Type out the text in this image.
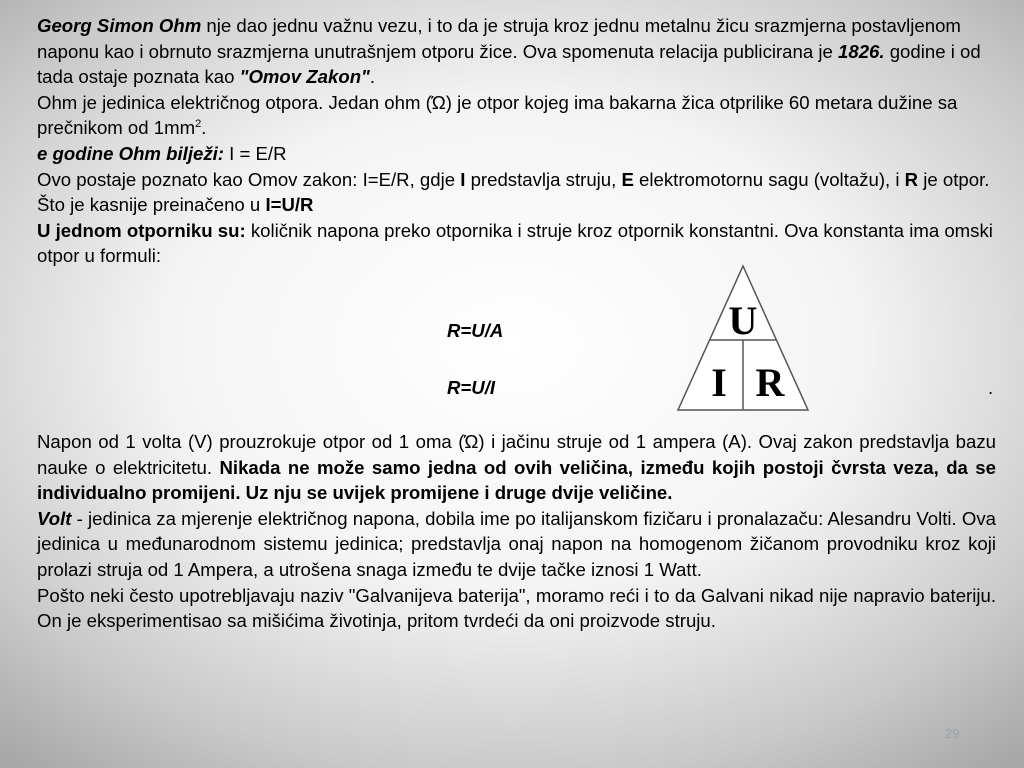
Georg Simon Ohm nje dao jednu važnu vezu, i to da je struja kroz jednu metalnu žicu srazmjerna postavljenom naponu kao i obrnuto srazmjerna unutrašnjem otporu žice. Ova spomenuta relacija publicirana je 1826. godine i od tada ostaje poznata kao "Omov Zakon".
Ohm je jedinica električnog otpora. Jedan ohm (Ώ) je otpor kojeg ima bakarna žica otprilike 60 metara dužine sa prečnikom od $1mm^2$.
e godine Ohm bilježi: I = E/R
Ovo postaje poznato kao Omov zakon: I=E/R, gdje I predstavlja struju, E elektromotornu sagu (voltažu), i R je otpor. Što je kasnije preinačeno u I=U/R
U jednom otporniku su: količnik napona preko otpornika i struje kroz otpornik konstantni. Ova konstanta ima omski otpor u formuli:

R=U/A
R=U/I	.
U
I R

Napon od 1 volta (V) prouzrokuje otpor od 1 oma (Ώ) i jačinu struje od 1 ampera (A). Ovaj zakon predstavlja bazu nauke o elektricitetu. Nikada ne može samo jedna od ovih veličina, između kojih postoji čvrsta veza, da se individualno promijeni. Uz nju se uvijek promijene i druge dvije veličine.
Volt - jedinica za mjerenje električnog napona, dobila ime po italijanskom fizičaru i pronalazaču: Alesandru Volti. Ova jedinica u međunarodnom sistemu jedinica; predstavlja onaj napon na homogenom žičanom provodniku kroz koji prolazi struja od 1 Ampera, a utrošena snaga između te dvije tačke iznosi 1 Watt.
Pošto neki često upotrebljavaju naziv "Galvanijeva baterija", moramo reći i to da Galvani nikad nije napravio bateriju. On je eksperimentisao sa mišićima životinja, pritom tvrdeći da oni proizvode struju.

29
